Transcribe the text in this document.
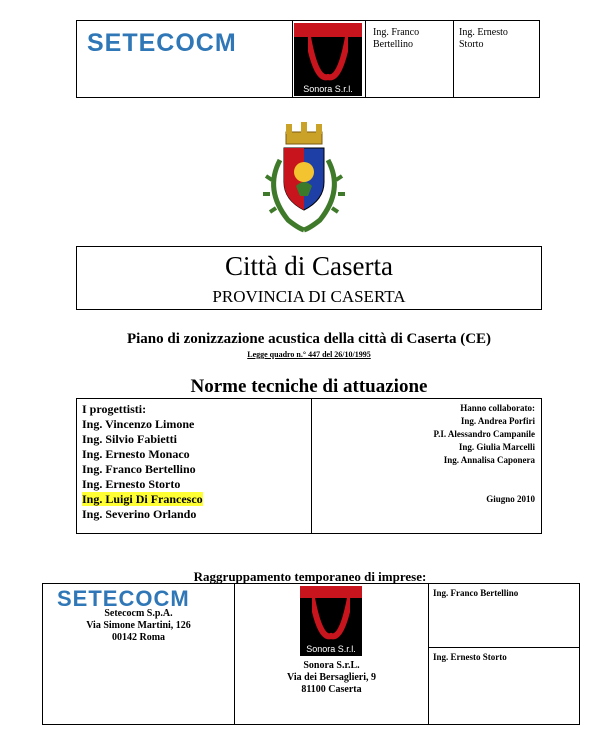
SETECOCM
Sonora S.r.l.
Ing. Franco Bertellino
Ing. Ernesto Storto
Città di Caserta
PROVINCIA DI CASERTA
Piano di zonizzazione acustica della città di Caserta (CE)
Legge quadro n.° 447 del 26/10/1995
Norme tecniche di attuazione
I progettisti:
Ing. Vincenzo Limone
Ing. Silvio Fabietti
Ing. Ernesto Monaco
Ing. Franco Bertellino
Ing. Ernesto Storto
Ing. Luigi Di Francesco
Ing. Severino Orlando
Hanno collaborato:
Ing. Andrea Porfiri
P.I. Alessandro Campanile
Ing. Giulia Marcelli
Ing. Annalisa Caponera
Giugno 2010
Raggruppamento temporaneo di imprese:
SETECOCM
Setecocm S.p.A.
Via Simone Martini, 126
00142 Roma
Sonora S.r.l.
Sonora S.r.L.
Via dei Bersaglieri, 9
81100 Caserta
Ing. Franco Bertellino
Ing. Ernesto Storto
